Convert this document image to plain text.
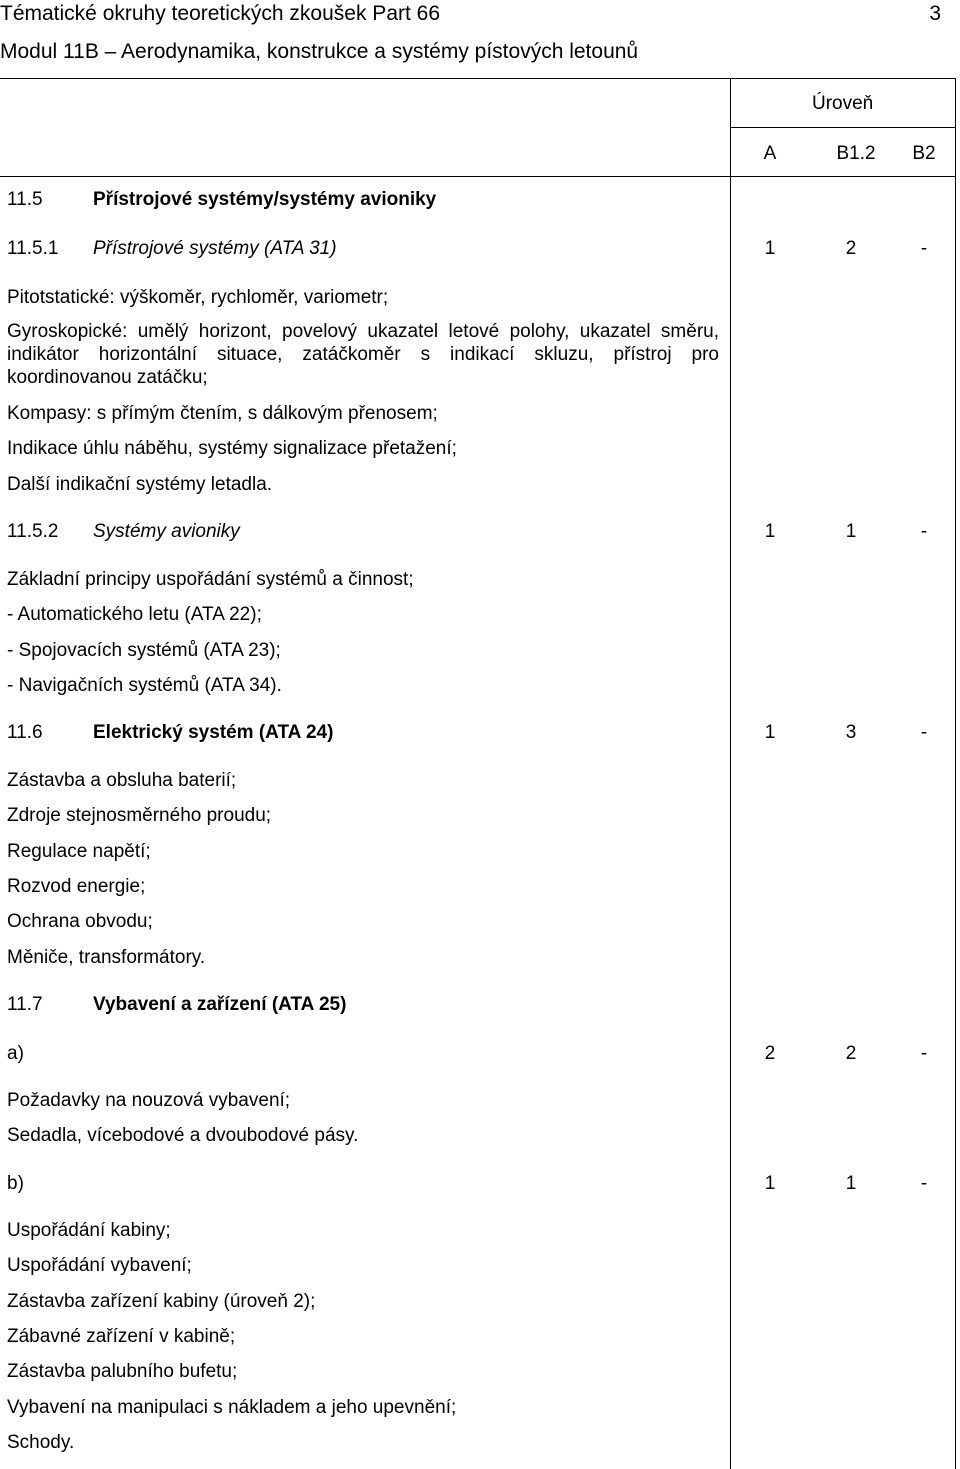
Tématické okruhy teoretických zkoušek Part 66	3
Modul 11B – Aerodynamika, konstrukce a systémy pístových letounů
Úroveň
A	B1.2 B2
11.5	Přístrojové systémy/systémy avioniky
11.5.1 Přístrojové systémy (ATA 31)	1	2	-
Pitotstatické: výškoměr, rychloměr, variometr;
Gyroskopické: umělý horizont, povelový ukazatel letové polohy, ukazatel směru, indikátor horizontální situace, zatáčkoměr s indikací skluzu, přístroj pro koordinovanou zatáčku;
Kompasy: s přímým čtením, s dálkovým přenosem;
Indikace úhlu náběhu, systémy signalizace přetažení;
Další indikační systémy letadla.
11.5.2 Systémy avioniky	1	1	-
Základní principy uspořádání systémů a činnost;
- Automatického letu (ATA 22);
- Spojovacích systémů (ATA 23);
- Navigačních systémů (ATA 34).
11.6	Elektrický systém (ATA 24)	1	3	-
Zástavba a obsluha baterií;
Zdroje stejnosměrného proudu;
Regulace napětí;
Rozvod energie;
Ochrana obvodu;
Měniče, transformátory.
11.7	Vybavení a zařízení (ATA 25)
a)	2	2	-
Požadavky na nouzová vybavení;
Sedadla, vícebodové a dvoubodové pásy.
b)	1	1	-
Uspořádání kabiny;
Uspořádání vybavení;
Zástavba zařízení kabiny (úroveň 2);
Zábavné zařízení v kabině;
Zástavba palubního bufetu;
Vybavení na manipulaci s nákladem a jeho upevnění;
Schody.
